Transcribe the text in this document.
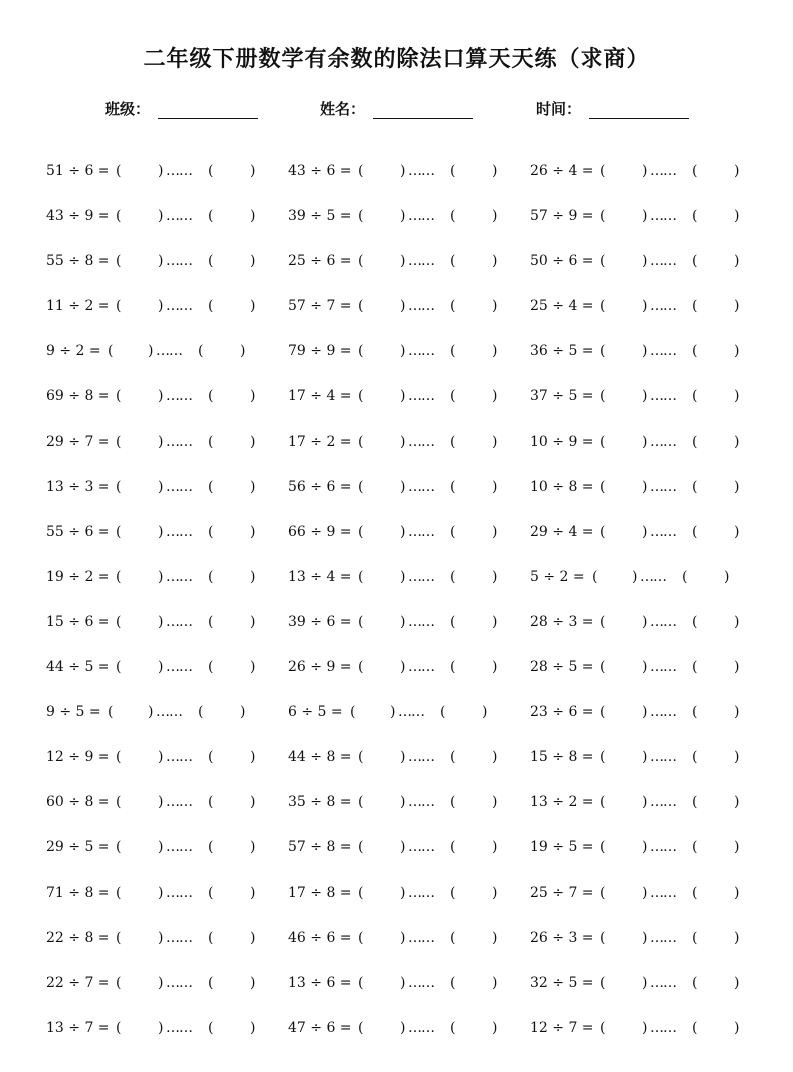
二年级下册数学有余数的除法口算天天练（求商）
班级：	姓名：	时间：
51 ÷ 6 = (	) …… (	) 43 ÷ 6 = (	) …… (	) 26 ÷ 4 = (	) …… (	)
43 ÷ 9 = (	) …… (	) 39 ÷ 5 = (	) …… (	) 57 ÷ 9 = (	) …… (	)
55 ÷ 8 = (	) …… (	) 25 ÷ 6 = (	) …… (	) 50 ÷ 6 = (	) …… (	)
11 ÷ 2 = (	) …… (	) 57 ÷ 7 = (	) …… (	) 25 ÷ 4 = (	) …… (	)
9 ÷ 2 = ( ) …… (	)	79 ÷ 9 = (	) …… (	) 36 ÷ 5 = (	) …… (	)
69 ÷ 8 = (	) …… (	) 17 ÷ 4 = (	) …… (	) 37 ÷ 5 = (	) …… (	)
29 ÷ 7 = (	) …… (	) 17 ÷ 2 = (	) …… (	) 10 ÷ 9 = (	) …… (	)
13 ÷ 3 = (	) …… (	) 56 ÷ 6 = (	) …… (	) 10 ÷ 8 = (	) …… (	)
55 ÷ 6 = (	) …… (	) 66 ÷ 9 = (	) …… (	) 29 ÷ 4 = (	) …… (	)
19 ÷ 2 = (	) …… (	) 13 ÷ 4 = (	) …… (	) 5 ÷ 2 = ( ) …… (	)
15 ÷ 6 = (	) …… (	) 39 ÷ 6 = (	) …… (	) 28 ÷ 3 = (	) …… (	)
44 ÷ 5 = (	) …… (	) 26 ÷ 9 = (	) …… (	) 28 ÷ 5 = (	) …… (	)
9 ÷ 5 = ( ) …… (	)	6 ÷ 5 = ( ) …… (	)	23 ÷ 6 = (	) …… (	)
12 ÷ 9 = (	) …… (	) 44 ÷ 8 = (	) …… (	) 15 ÷ 8 = (	) …… (	)
60 ÷ 8 = (	) …… (	) 35 ÷ 8 = (	) …… (	) 13 ÷ 2 = (	) …… (	)
29 ÷ 5 = (	) …… (	) 57 ÷ 8 = (	) …… (	) 19 ÷ 5 = (	) …… (	)
71 ÷ 8 = (	) …… (	) 17 ÷ 8 = (	) …… (	) 25 ÷ 7 = (	) …… (	)
22 ÷ 8 = (	) …… (	) 46 ÷ 6 = (	) …… (	) 26 ÷ 3 = (	) …… (	)
22 ÷ 7 = (	) …… (	) 13 ÷ 6 = (	) …… (	) 32 ÷ 5 = (	) …… (	)
13 ÷ 7 = (	) …… (	) 47 ÷ 6 = (	) …… (	) 12 ÷ 7 = (	) …… (	)
